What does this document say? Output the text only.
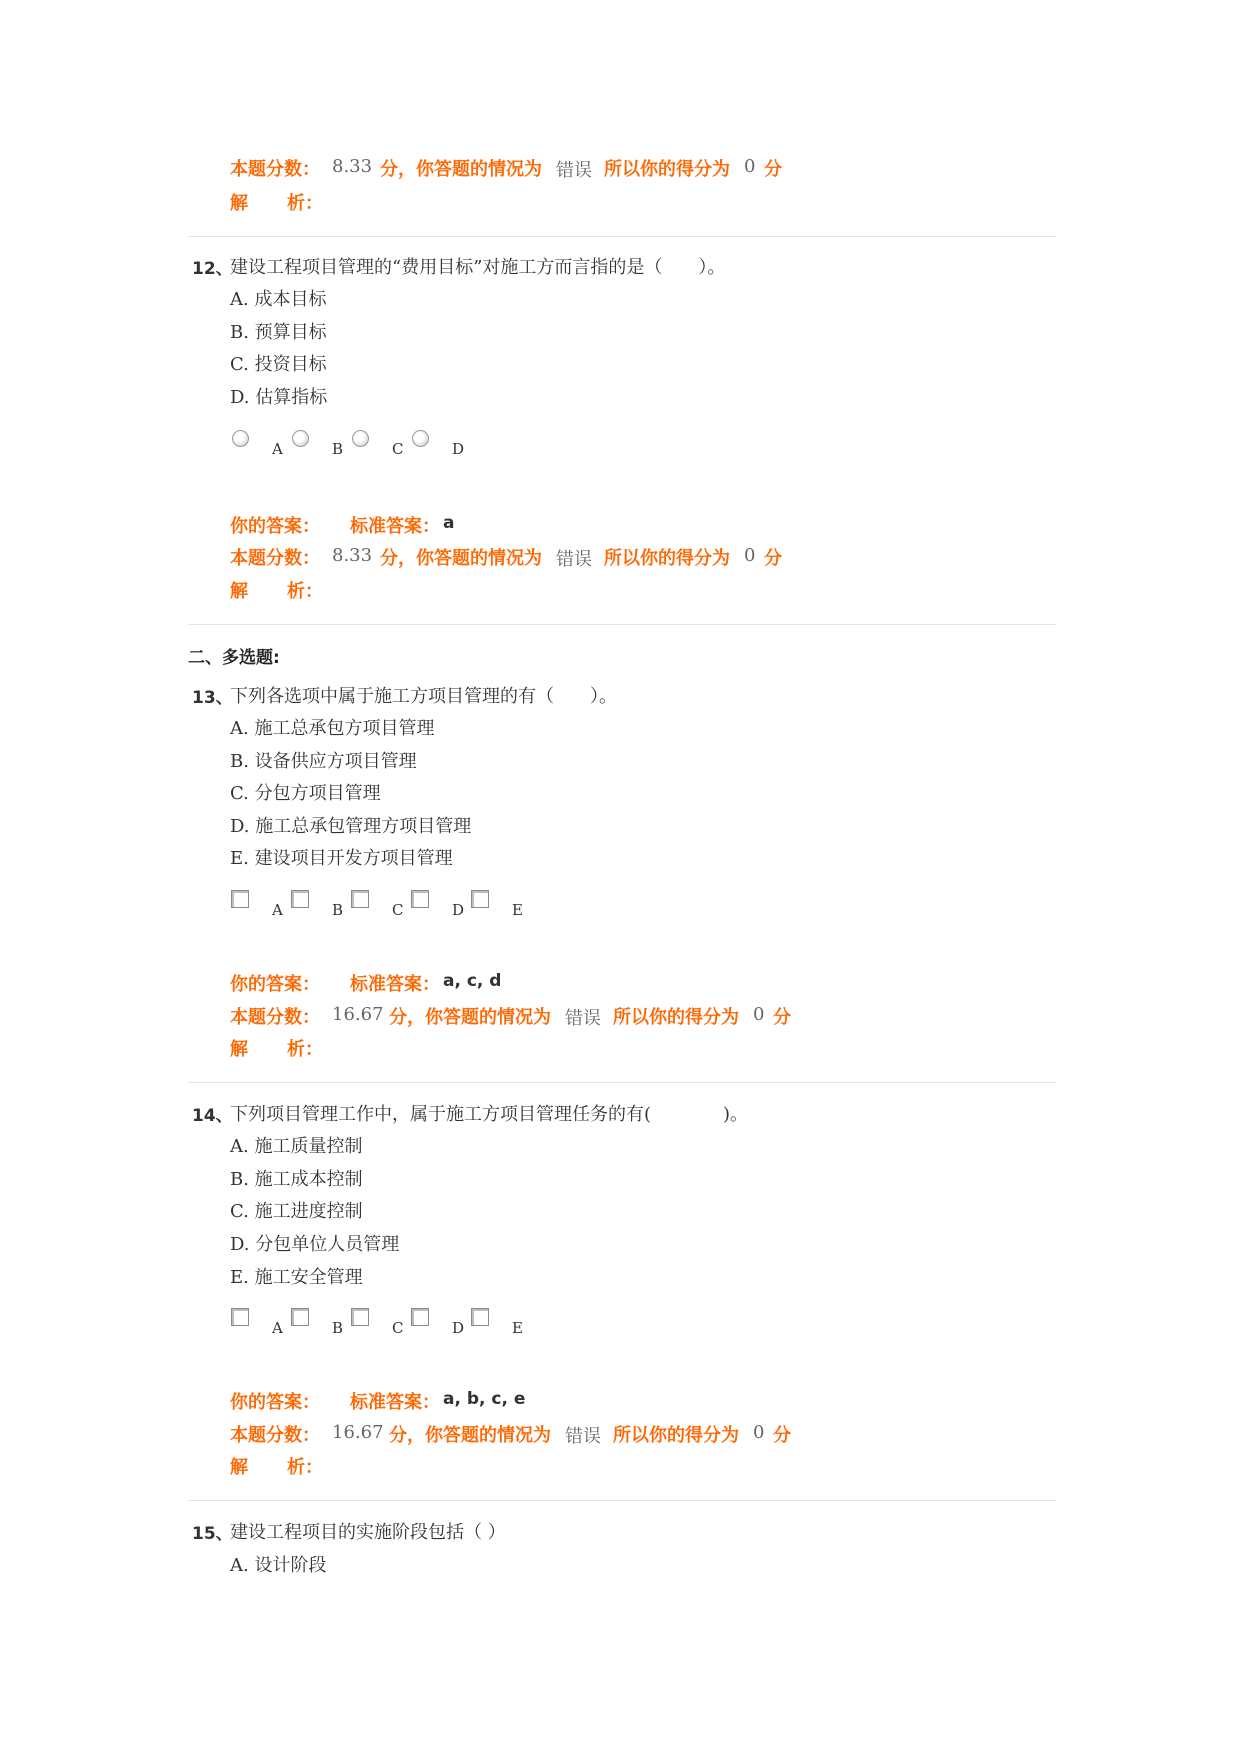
本题分数： 8.33 分，你答题的情况为 错误 所以你的得分为 0 分
解 析：
12、
建设工程项目管理的“费用目标”对施工方而言指的是（　　）。
A. 成本目标
B. 预算目标
C. 投资目标
D. 估算指标
A	B	C	D
你的答案： 标准答案： a
本题分数： 8.33 分，你答题的情况为 错误 所以你的得分为 0 分
解 析：
二、多选题:
13、
下列各选项中属于施工方项目管理的有（　　）。
A. 施工总承包方项目管理
B. 设备供应方项目管理
C. 分包方项目管理
D. 施工总承包管理方项目管理
E. 建设项目开发方项目管理
A	B	C	D	E
你的答案： 标准答案： a, c, d
本题分数： 16.67 分，你答题的情况为 错误 所以你的得分为 0 分
解 析：
14、
下列项目管理工作中，属于施工方项目管理任务的有(　　　　)。
A. 施工质量控制
B. 施工成本控制
C. 施工进度控制
D. 分包单位人员管理
E. 施工安全管理
A	B	C	D	E
你的答案： 标准答案： a, b, c, e
本题分数： 16.67 分，你答题的情况为 错误 所以你的得分为 0 分
解 析：
15、
建设工程项目的实施阶段包括（ ）
A. 设计阶段
